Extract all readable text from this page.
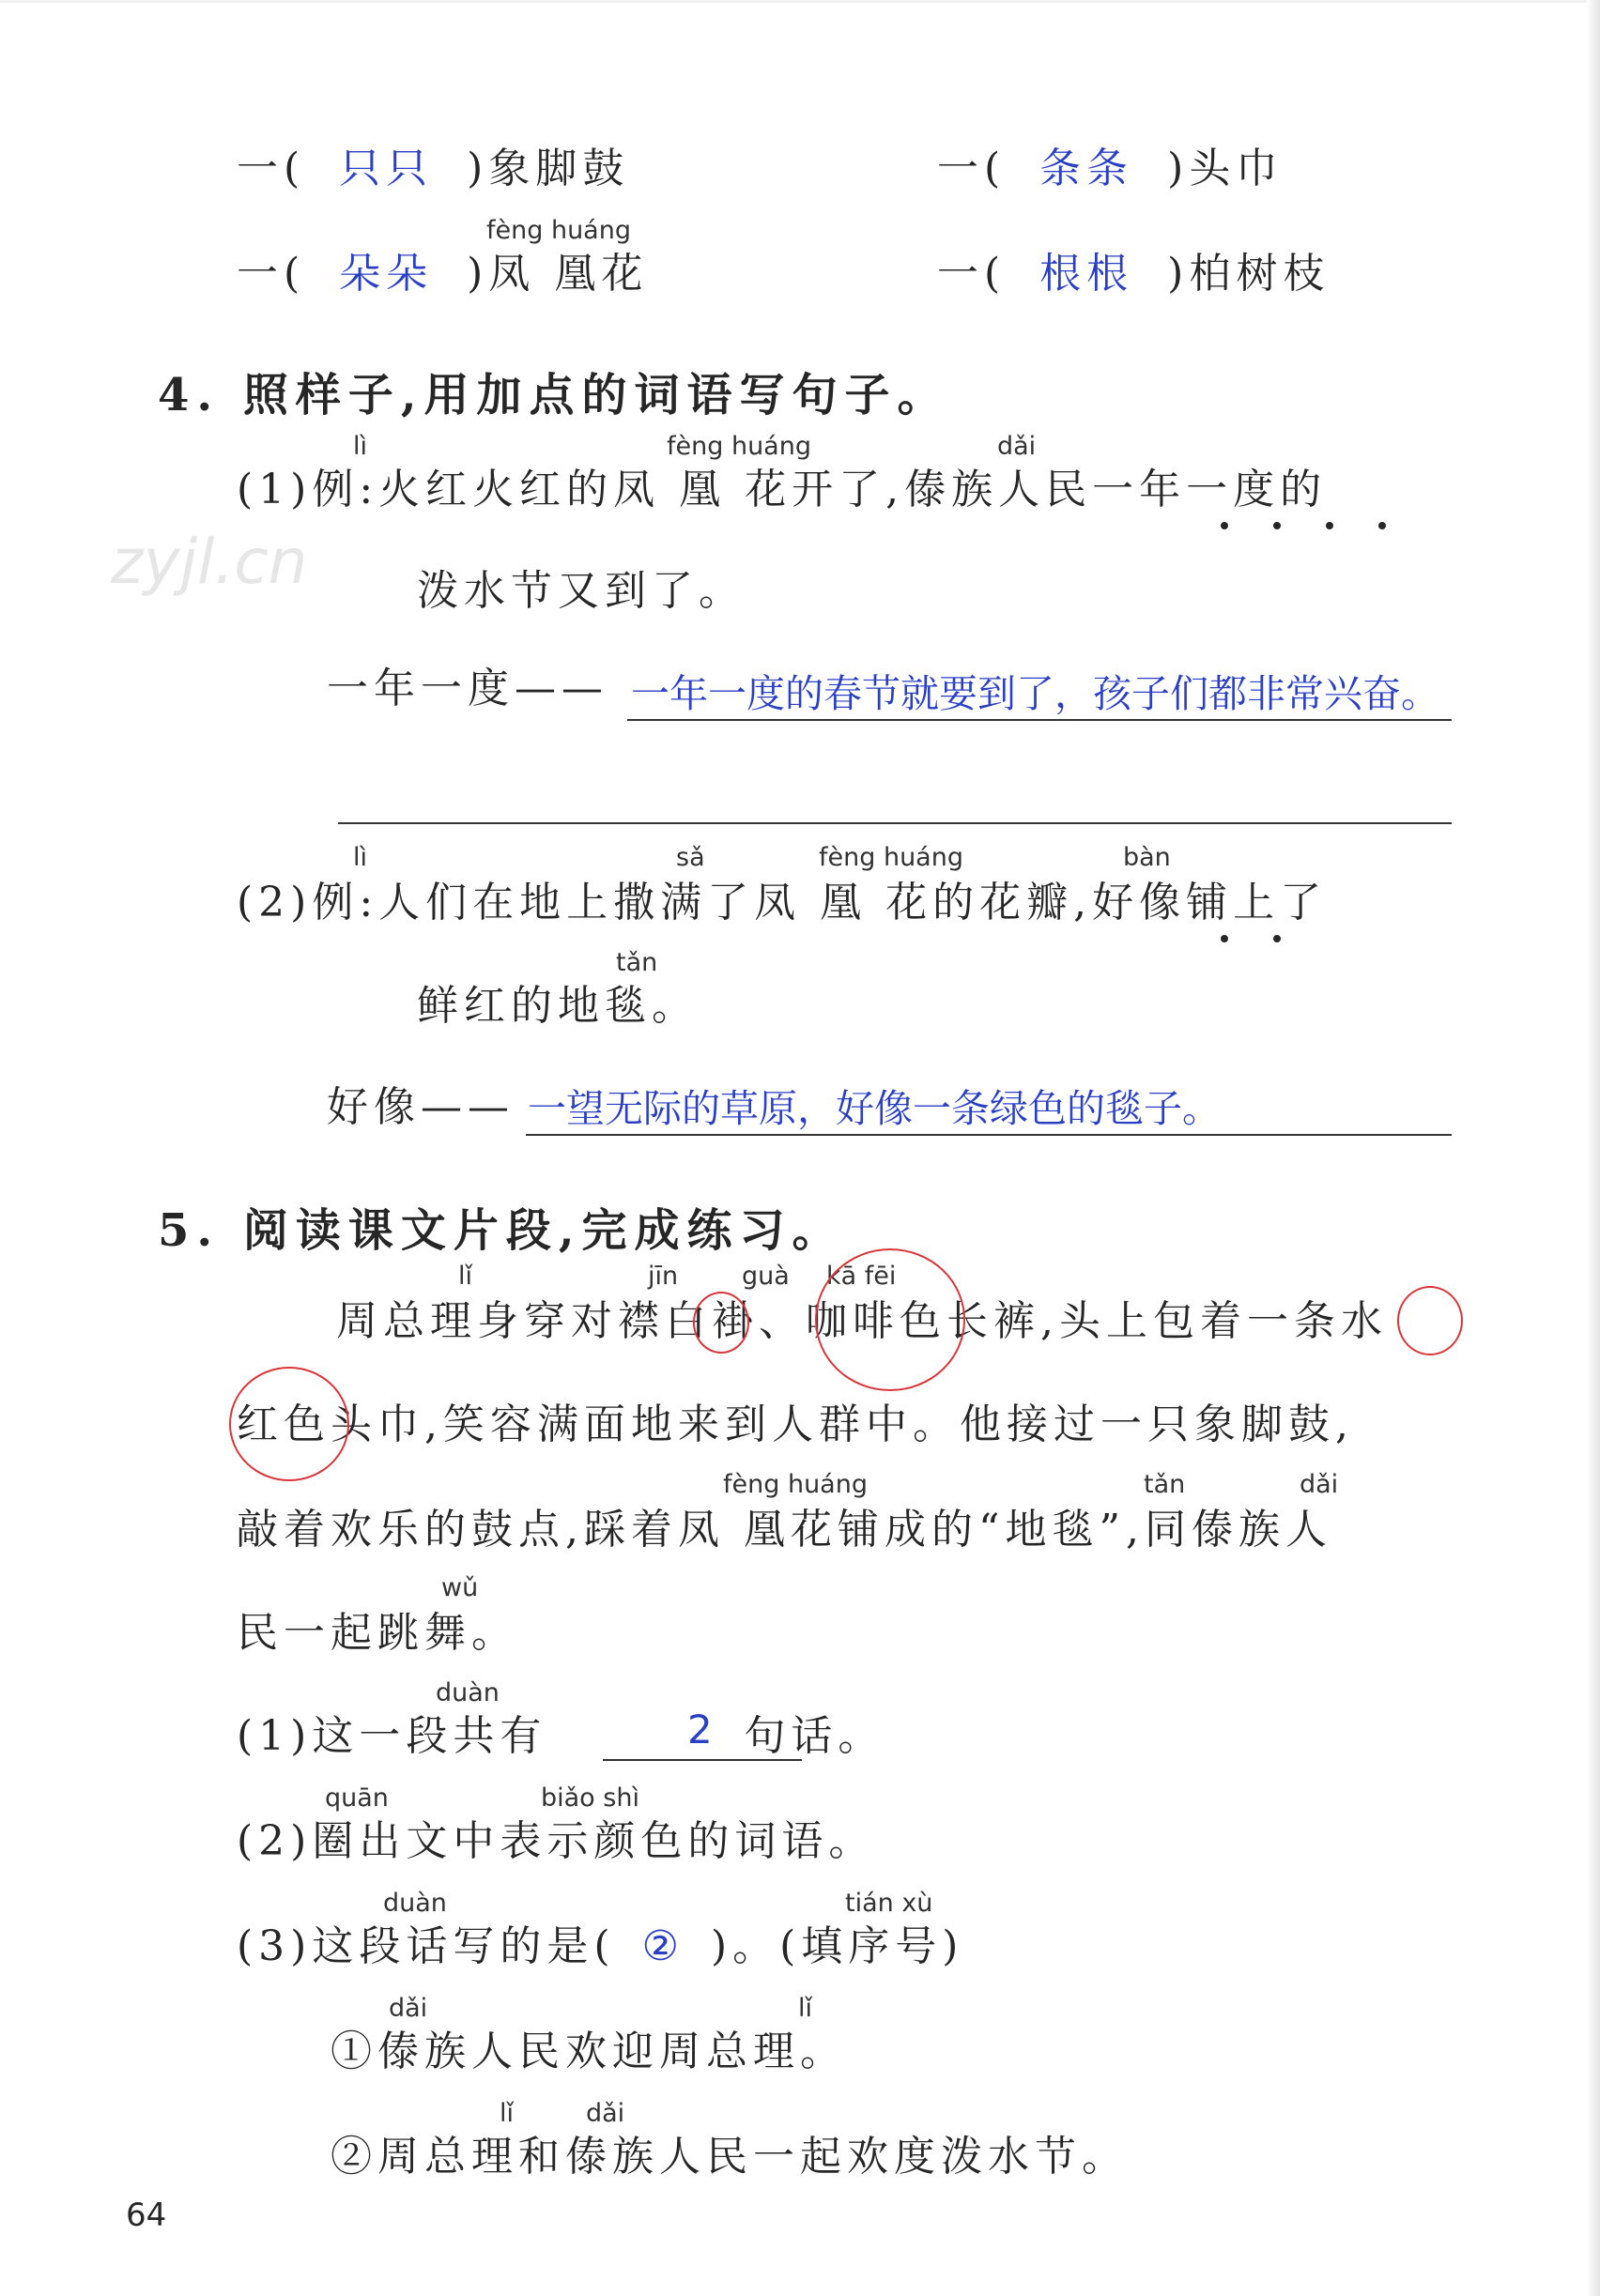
一( 只只 )象脚鼓	一( 条条 )头巾
fèng huáng
一( 朵朵 )凤 凰花	一( 根根 )柏树枝
4. 照样子,用加点的词语写句子。
lì	fèng huáng	dǎi
(1)例:火红火红的凤 凰 花开了,傣族人民一年一度的
泼水节又到了。
zyjl.cn
一年一度—— 一年一度的春节就要到了，孩子们都非常兴奋。
lì	sǎ	fèng huáng	bàn
(2)例:人们在地上撒满了凤 凰 花的花瓣,好像铺上了
tǎn
鲜红的地毯。
好像—— 一望无际的草原，好像一条绿色的毯子。
5. 阅读课文片段,完成练习。
lǐ	jīn	guà kā fēi
周总理身穿对襟白褂、咖啡色长裤,头上包着一条水
红色头巾,笑容满面地来到人群中。他接过一只象脚鼓,
fèng huáng	tǎn	dǎi
敲着欢乐的鼓点,踩着凤 凰花铺成的“地毯”,同傣族人
wǔ
民一起跳舞。
duàn
(1)这一段共有	句话。
2
quān	biǎo shì
(2)圈出文中表示颜色的词语。
duàn	tián xù
(3)这段话写的是( ② )。(填序号)
dǎi	lǐ
①傣族人民欢迎周总理。
lǐ	dǎi
②周总理和傣族人民一起欢度泼水节。
64
